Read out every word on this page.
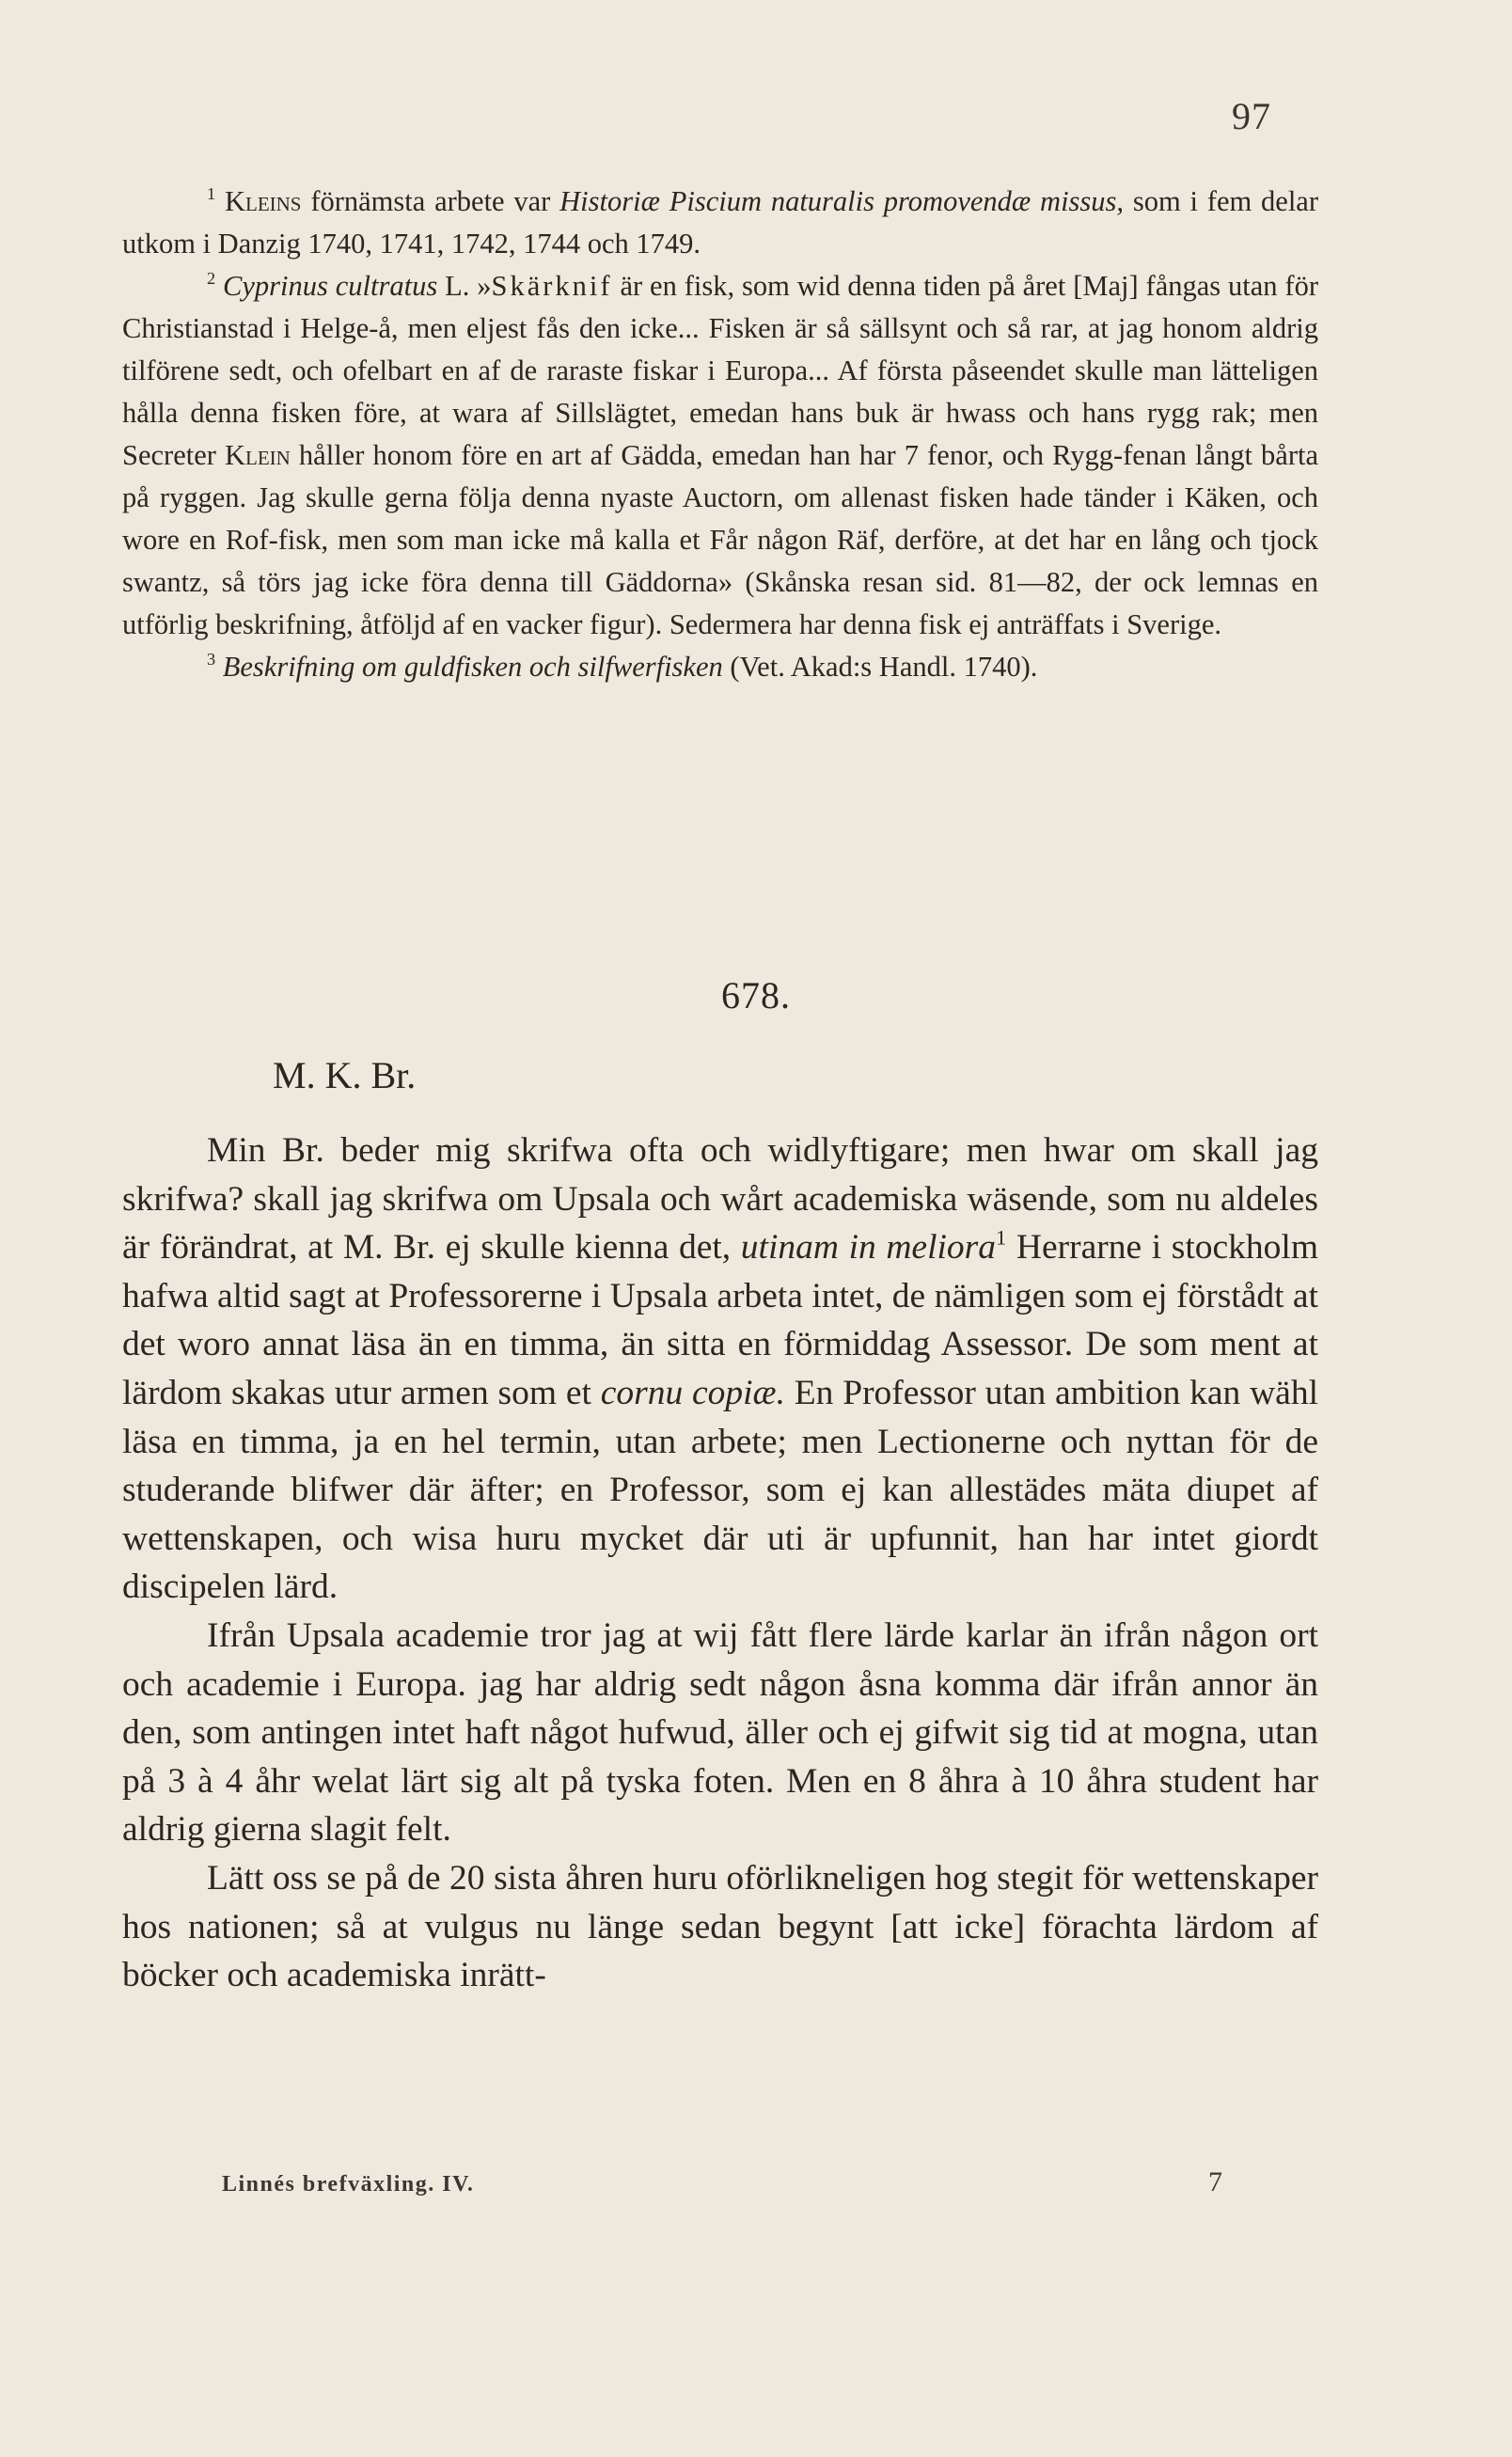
97

$^1$ Kleins förnämsta arbete var Historiæ Piscium naturalis promovendæ missus, som i fem delar utkom i Danzig 1740, 1741, 1742, 1744 och 1749.

$^2$ Cyprinus cultratus L. »Skärknif är en fisk, som wid denna tiden på året [Maj] fångas utan för Christianstad i Helge-å, men eljest fås den icke... Fisken är så sällsynt och så rar, at jag honom aldrig tilförene sedt, och ofelbart en af de raraste fiskar i Europa... Af första påseendet skulle man lätteligen hålla denna fisken före, at wara af Sillslägtet, emedan hans buk är hwass och hans rygg rak; men Secreter Klein håller honom före en art af Gädda, emedan han har 7 fenor, och Rygg-fenan långt bårta på ryggen. Jag skulle gerna följa denna nyaste Auctorn, om allenast fisken hade tänder i Käken, och wore en Rof-fisk, men som man icke må kalla et Får någon Räf, derföre, at det har en lång och tjock swantz, så törs jag icke föra denna till Gäddorna» (Skånska resan sid. 81—82, der ock lemnas en utförlig beskrifning, åtföljd af en vacker figur). Sedermera har denna fisk ej anträffats i Sverige.

$^3$ Beskrifning om guldfisken och silfwerfisken (Vet. Akad:s Handl. 1740).

678.
M. K. Br.

Min Br. beder mig skrifwa ofta och widlyftigare; men hwar om skall jag skrifwa? skall jag skrifwa om Upsala och wårt academiska wäsende, som nu aldeles är förändrat, at M. Br. ej skulle kienna det, utinam in meliora$^1$ Herrarne i stockholm hafwa altid sagt at Professorerne i Upsala arbeta intet, de nämligen som ej förstådt at det woro annat läsa än en timma, än sitta en förmiddag Assessor. De som ment at lärdom skakas utur armen som et cornu copiæ. En Professor utan ambition kan wähl läsa en timma, ja en hel termin, utan arbete; men Lectionerne och nyttan för de studerande blifwer där äfter; en Professor, som ej kan allestädes mäta diupet af wettenskapen, och wisa huru mycket där uti är upfunnit, han har intet giordt discipelen lärd.

Ifrån Upsala academie tror jag at wij fått flere lärde karlar än ifrån någon ort och academie i Europa. jag har aldrig sedt någon åsna komma där ifrån annor än den, som antingen intet haft något hufwud, äller och ej gifwit sig tid at mogna, utan på 3 à 4 åhr welat lärt sig alt på tyska foten. Men en 8 åhra à 10 åhra student har aldrig gierna slagit felt.

Lätt oss se på de 20 sista åhren huru oförlikneligen hog stegit för wettenskaper hos nationen; så at vulgus nu länge sedan begynt [att icke] förachta lärdom af böcker och academiska inrätt-

Linnés brefväxling. IV.	7
